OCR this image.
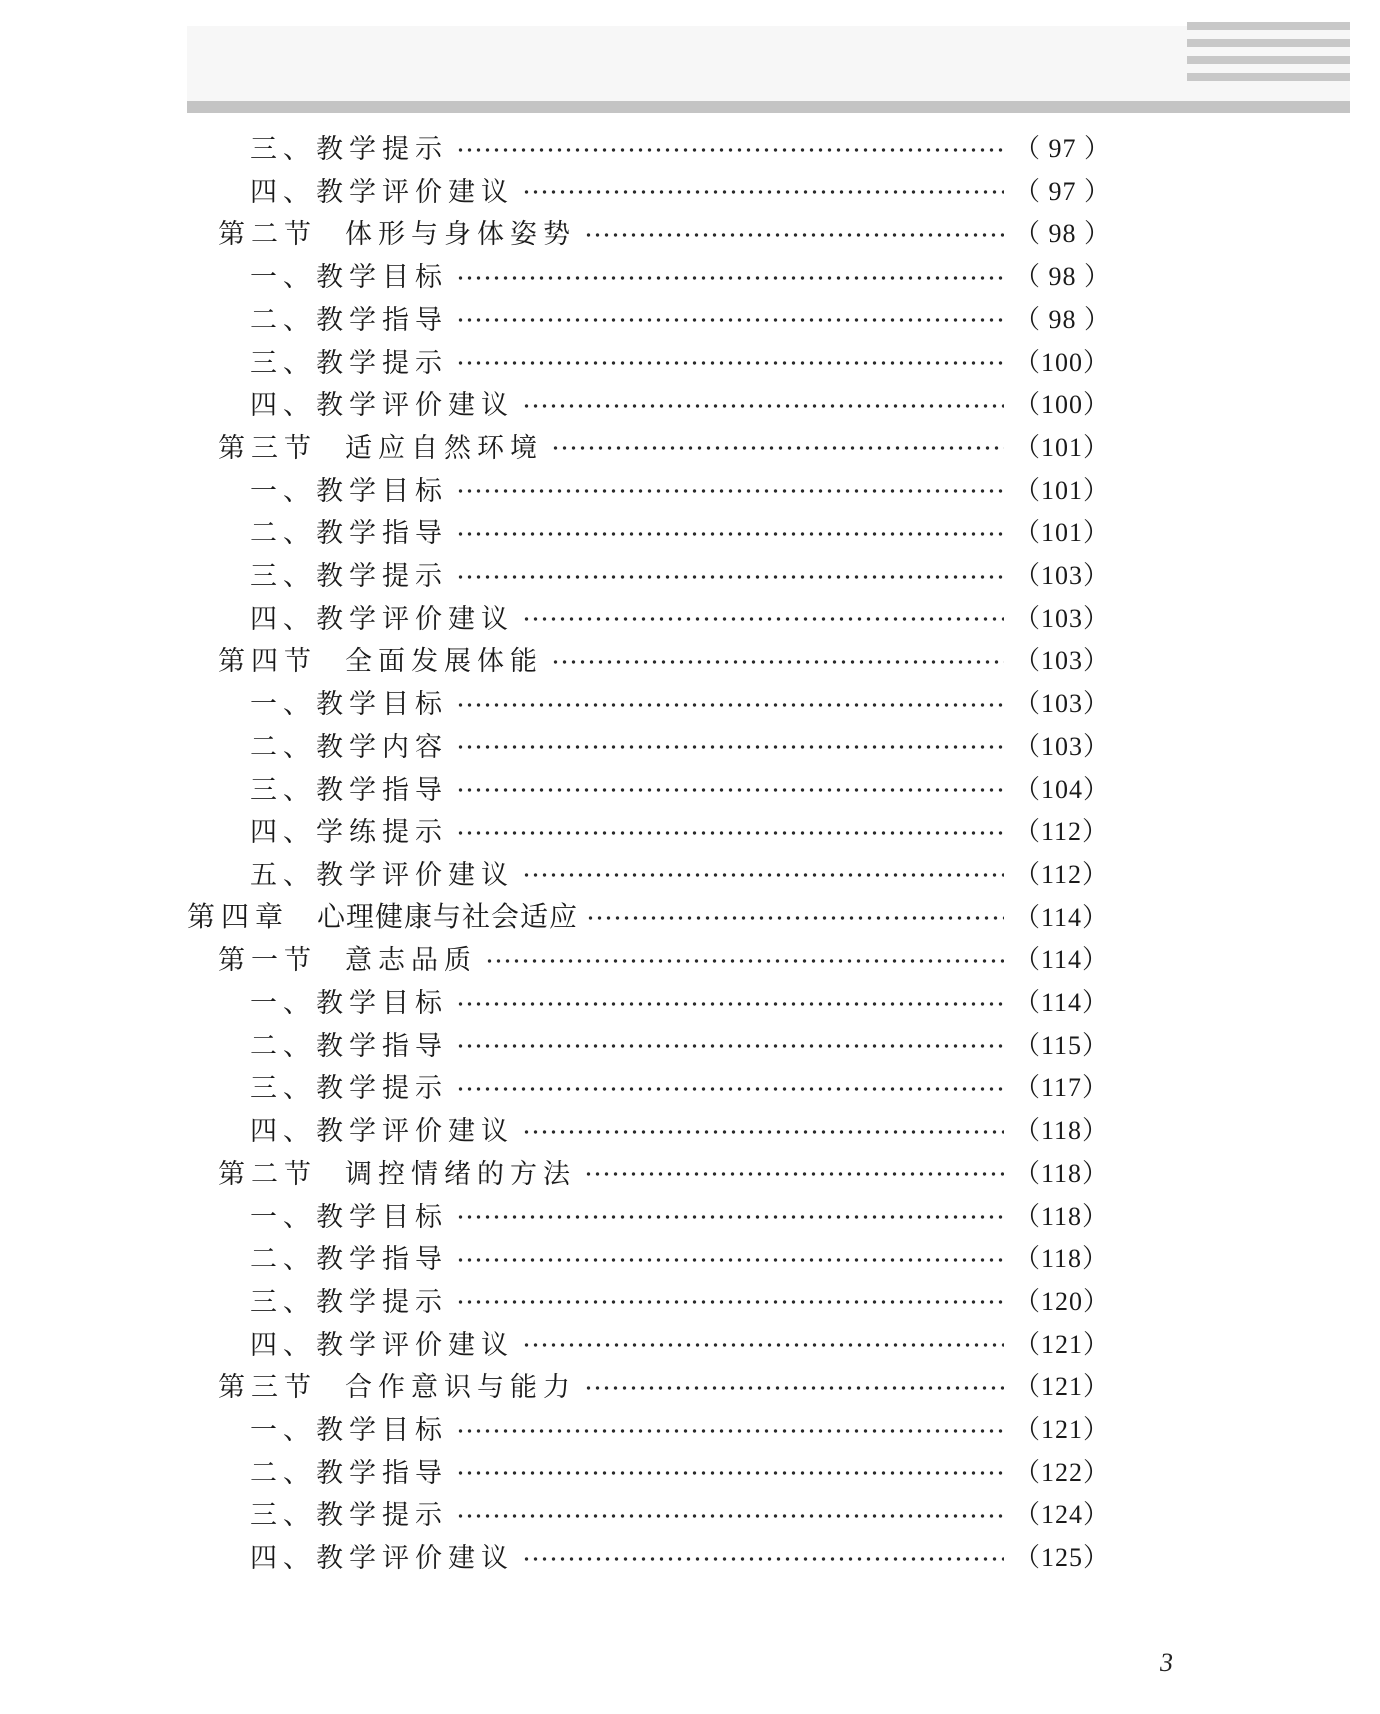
三、教学提示	（ 97 ）
四、教学评价建议	（ 97 ）
第二节 体形与身体姿势	（ 98 ）
一、教学目标	（ 98 ）
二、教学指导	（ 98 ）
三、教学提示	（100）
四、教学评价建议	（100）
第三节 适应自然环境	（101）
一、教学目标	（101）
二、教学指导	（101）
三、教学提示	（103）
四、教学评价建议	（103）
第四节 全面发展体能	（103）
一、教学目标	（103）
二、教学内容	（103）
三、教学指导	（104）
四、学练提示	（112）
五、教学评价建议	（112）
第四章 心理健康与社会适应	（114）
第一节 意志品质	（114）
一、教学目标	（114）
二、教学指导	（115）
三、教学提示	（117）
四、教学评价建议	（118）
第二节 调控情绪的方法	（118）
一、教学目标	（118）
二、教学指导	（118）
三、教学提示	（120）
四、教学评价建议	（121）
第三节 合作意识与能力	（121）
一、教学目标	（121）
二、教学指导	（122）
三、教学提示	（124）
四、教学评价建议	（125）
3
